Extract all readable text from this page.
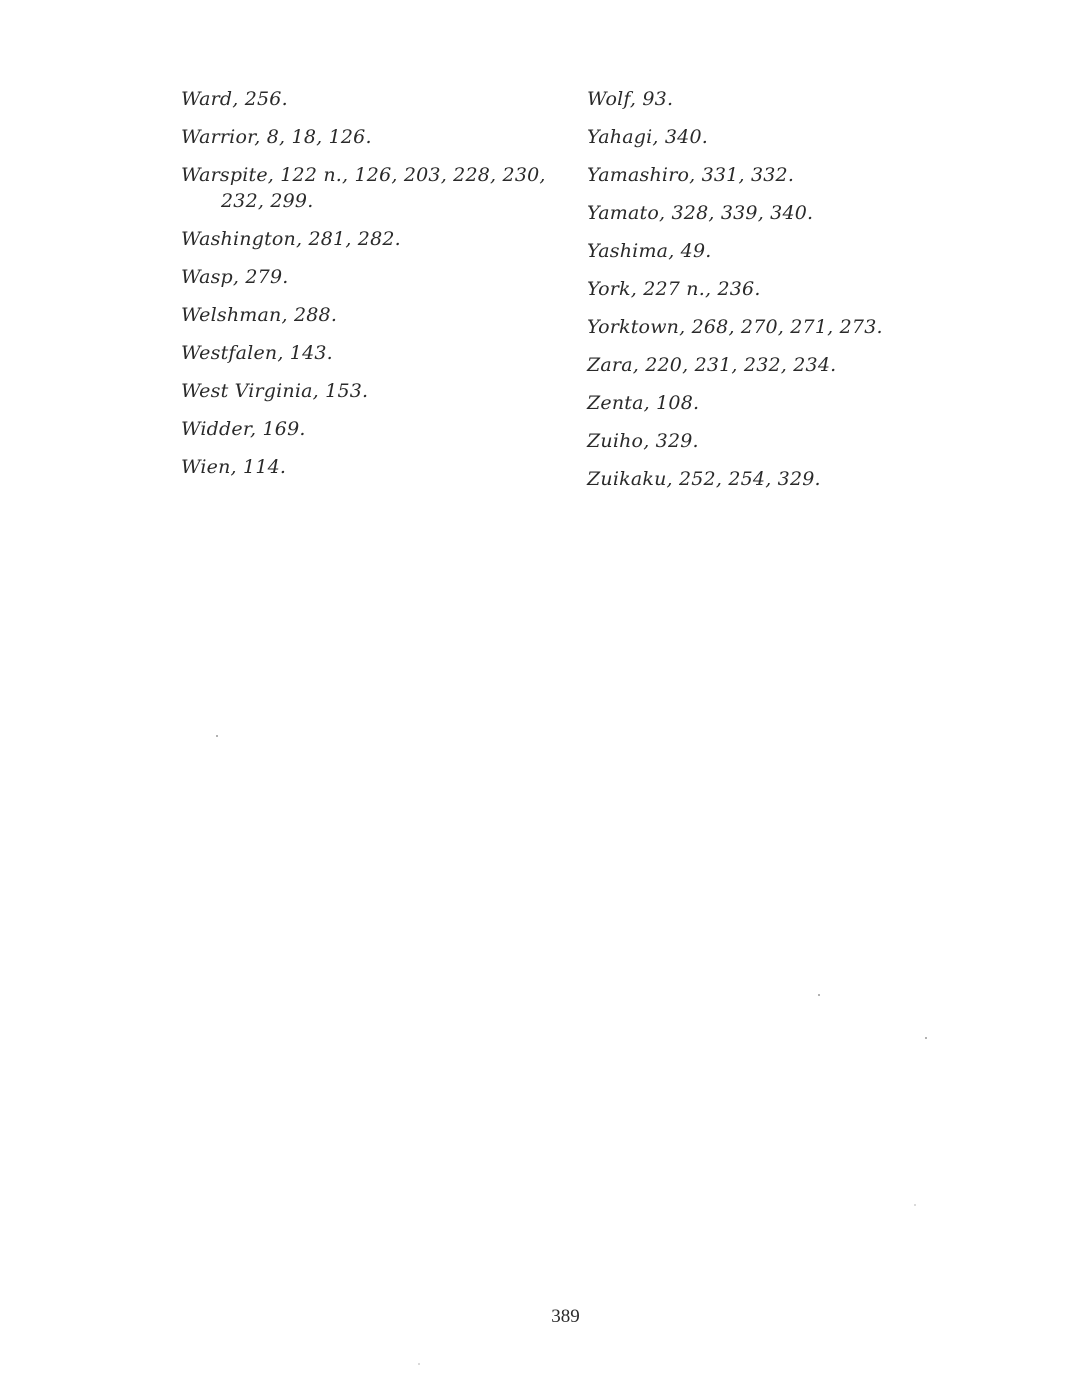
Ward, 256.
Warrior, 8, 18, 126.
Warspite, 122 n., 126, 203, 228, 230, 232, 299.
Washington, 281, 282.
Wasp, 279.
Welshman, 288.
Westfalen, 143.
West Virginia, 153.
Widder, 169.
Wien, 114.
Wolf, 93.
Yahagi, 340.
Yamashiro, 331, 332.
Yamato, 328, 339, 340.
Yashima, 49.
York, 227 n., 236.
Yorktown, 268, 270, 271, 273.
Zara, 220, 231, 232, 234.
Zenta, 108.
Zuiho, 329.
Zuikaku, 252, 254, 329.
389
